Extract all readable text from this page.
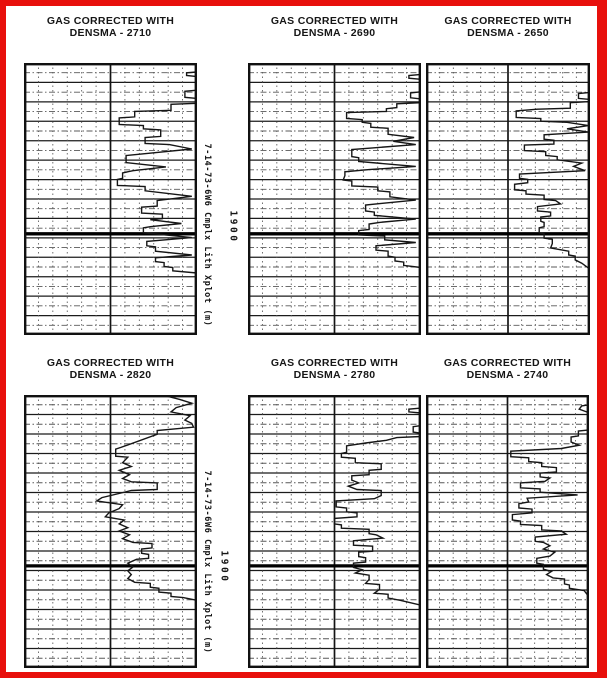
GAS CORRECTED WITH
DENSMA - 2710
GAS CORRECTED WITH
DENSMA - 2690
GAS CORRECTED WITH
DENSMA - 2650
GAS CORRECTED WITH
DENSMA - 2820
GAS CORRECTED WITH
DENSMA - 2780
GAS CORRECTED WITH
DENSMA - 2740
7-14-73-6W6 Cmplx Lith Xplot (m) 1900
7-14-73-6W6 Cmplx Lith Xplot (m) 1900
